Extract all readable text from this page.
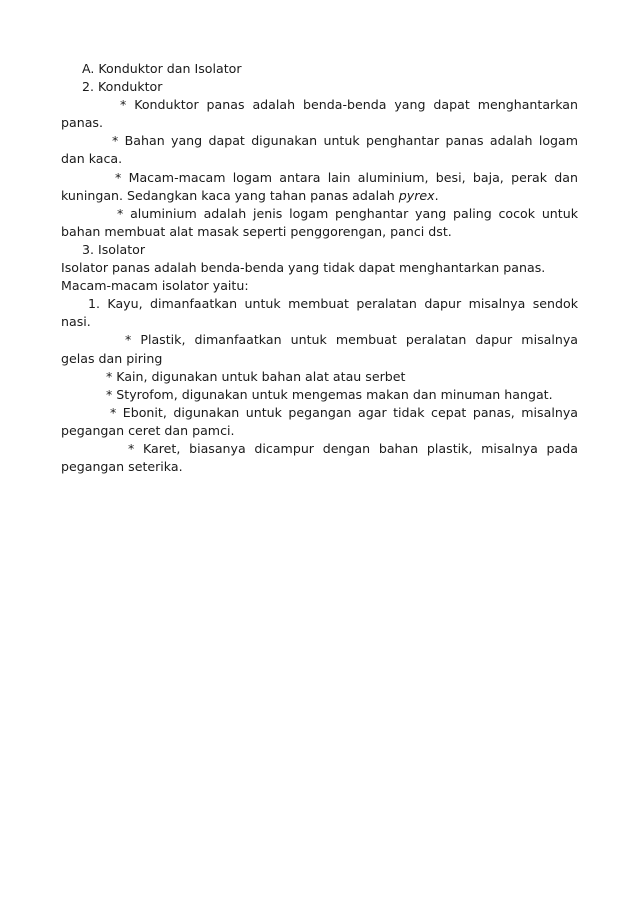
A. Konduktor dan Isolator
2. Konduktor
* Konduktor panas adalah benda-benda yang dapat menghantarkan
panas.
* Bahan yang dapat digunakan untuk penghantar panas adalah logam
dan kaca.
* Macam-macam logam antara lain aluminium, besi, baja, perak dan
kuningan. Sedangkan kaca yang tahan panas adalah pyrex.
* aluminium adalah jenis logam penghantar yang paling cocok untuk
bahan membuat alat masak seperti penggorengan, panci dst.
3. Isolator
Isolator panas adalah benda-benda yang tidak dapat menghantarkan panas.
Macam-macam isolator yaitu:
1. Kayu, dimanfaatkan untuk membuat peralatan dapur misalnya sendok
nasi.
* Plastik, dimanfaatkan untuk membuat peralatan dapur misalnya
gelas dan piring
* Kain, digunakan untuk bahan alat atau serbet
* Styrofom, digunakan untuk mengemas makan dan minuman hangat.
* Ebonit, digunakan untuk pegangan agar tidak cepat panas, misalnya
pegangan ceret dan pamci.
* Karet, biasanya dicampur dengan bahan plastik, misalnya pada
pegangan seterika.
